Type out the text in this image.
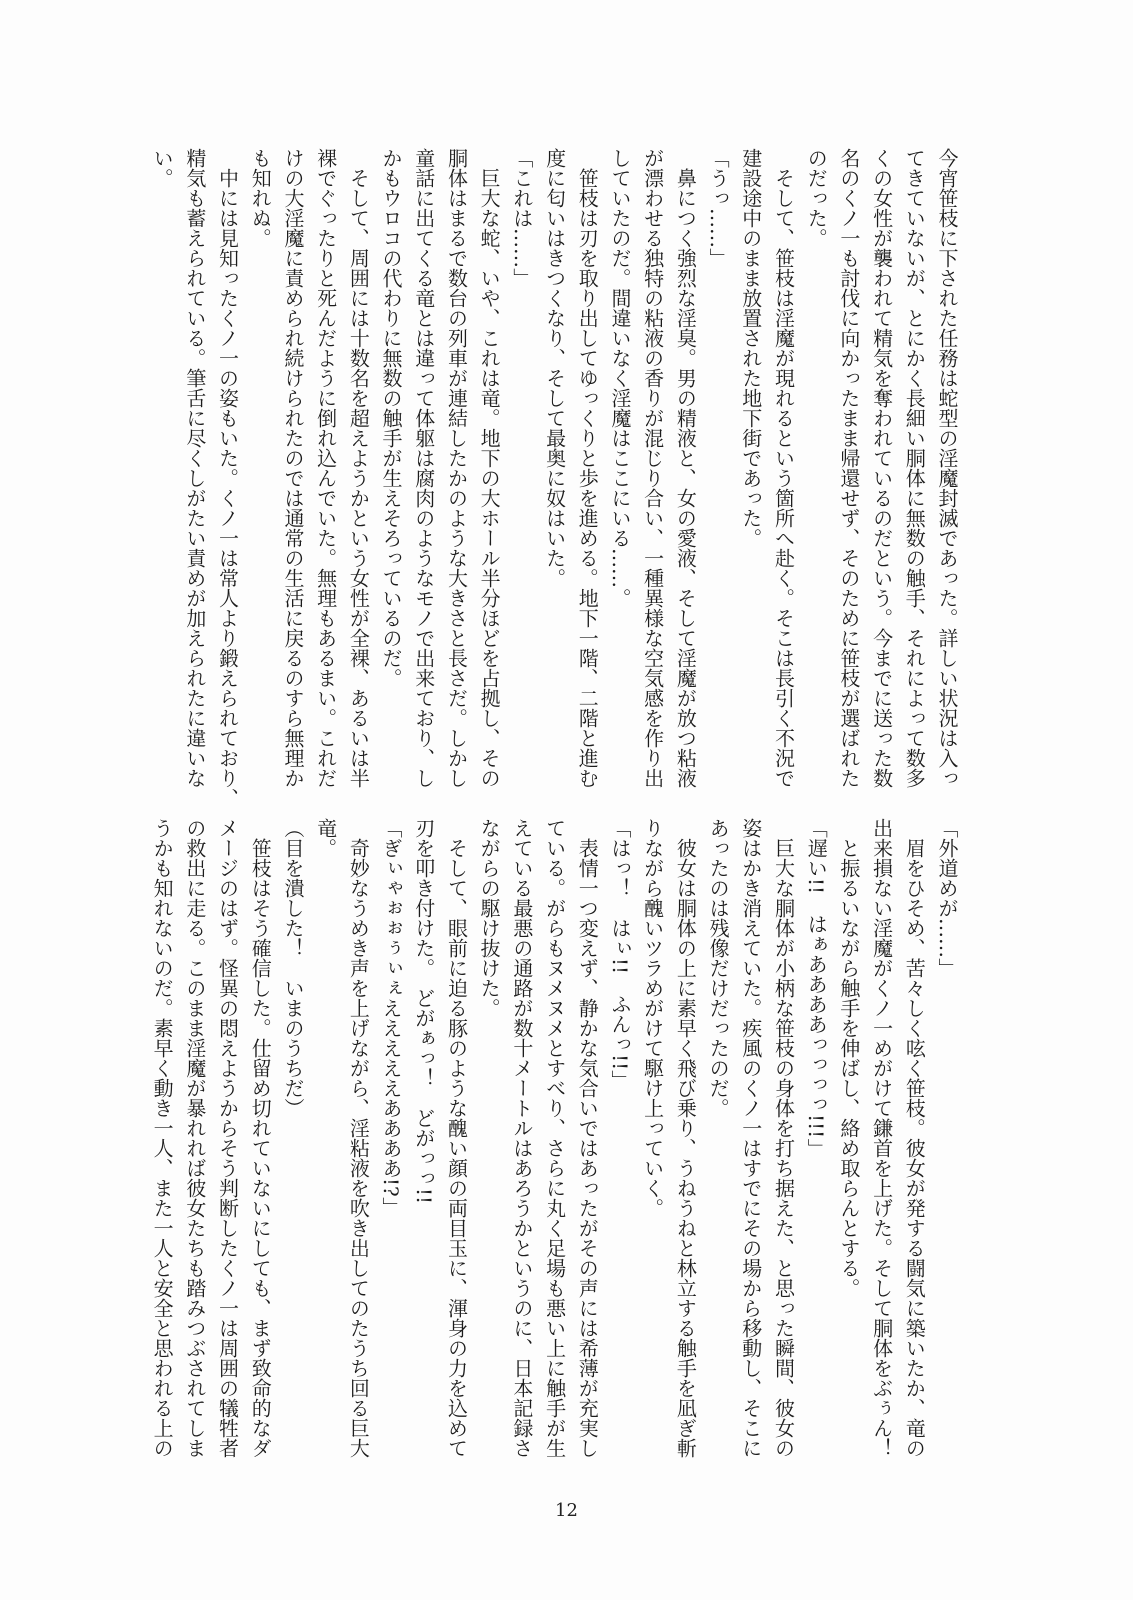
今宵笹枝に下された任務は蛇型の淫魔封滅であった。詳しい状況は入っ
てきていないが、とにかく長細い胴体に無数の触手、それによって数多
くの女性が襲われて精気を奪われているのだという。今までに送った数
名のくノ一も討伐に向かったまま帰還せず、そのために笹枝が選ばれた
のだった。
　そして、笹枝は淫魔が現れるという箇所へ赴く。そこは長引く不況で
建設途中のまま放置された地下街であった。
「うっ……」
　鼻につく強烈な淫臭。男の精液と、女の愛液、そして淫魔が放つ粘液
が漂わせる独特の粘液の香りが混じり合い、一種異様な空気感を作り出
していたのだ。間違いなく淫魔はここにいる……。
　笹枝は刃を取り出してゆっくりと歩を進める。地下一階、二階と進む
度に匂いはきつくなり、そして最奥に奴はいた。
「これは……」
　巨大な蛇、いや、これは竜。地下の大ホール半分ほどを占拠し、その
胴体はまるで数台の列車が連結したかのような大きさと長さだ。しかし
童話に出てくる竜とは違って体躯は腐肉のようなモノで出来ており、し
かもウロコの代わりに無数の触手が生えそろっているのだ。
　そして、周囲には十数名を超えようかという女性が全裸、あるいは半
裸でぐったりと死んだように倒れ込んでいた。無理もあるまい。これだ
けの大淫魔に責められ続けられたのでは通常の生活に戻るのすら無理か
も知れぬ。
　中には見知ったくノ一の姿もいた。くノ一は常人より鍛えられており、
精気も蓄えられている。筆舌に尽くしがたい責めが加えられたに違いな
い。
「外道めが……」
　眉をひそめ、苦々しく呟く笹枝。彼女が発する闘気に築いたか、竜の
出来損ない淫魔がくノ一めがけて鎌首を上げた。そして胴体をぶぅん！
　と振るいながら触手を伸ばし、絡め取らんとする。
「遅い!!　はぁああああっっっっ!!!」
　巨大な胴体が小柄な笹枝の身体を打ち据えた、と思った瞬間、彼女の
姿はかき消えていた。疾風のくノ一はすでにその場から移動し、そこに
あったのは残像だけだったのだ。
　彼女は胴体の上に素早く飛び乗り、うねうねと林立する触手を凪ぎ斬
りながら醜いツラめがけて駆け上っていく。
「はっ！　はぃ!!　ふんっ!!」
　表情一つ変えず、静かな気合いではあったがその声には希薄が充実し
ている。がらもヌメヌメとすべり、さらに丸く足場も悪い上に触手が生
えている最悪の通路が数十メートルはあろうかというのに、日本記録さ
ながらの駆け抜けた。
　そして、眼前に迫る豚のような醜い顔の両目玉に、渾身の力を込めて
刃を叩き付けた。　どがぁっ！　どがっっ!!
「ぎぃゃぉぉぅぃぇえええええああああ!?」
　奇妙なうめき声を上げながら、淫粘液を吹き出してのたうち回る巨大
竜。
（目を潰した！　いまのうちだ）
　笹枝はそう確信した。仕留め切れていないにしても、まず致命的なダ
メージのはず。怪異の悶えようからそう判断したくノ一は周囲の犠牲者
の救出に走る。このまま淫魔が暴れれば彼女たちも踏みつぶされてしま
うかも知れないのだ。素早く動き一人、また一人と安全と思われる上の
12
